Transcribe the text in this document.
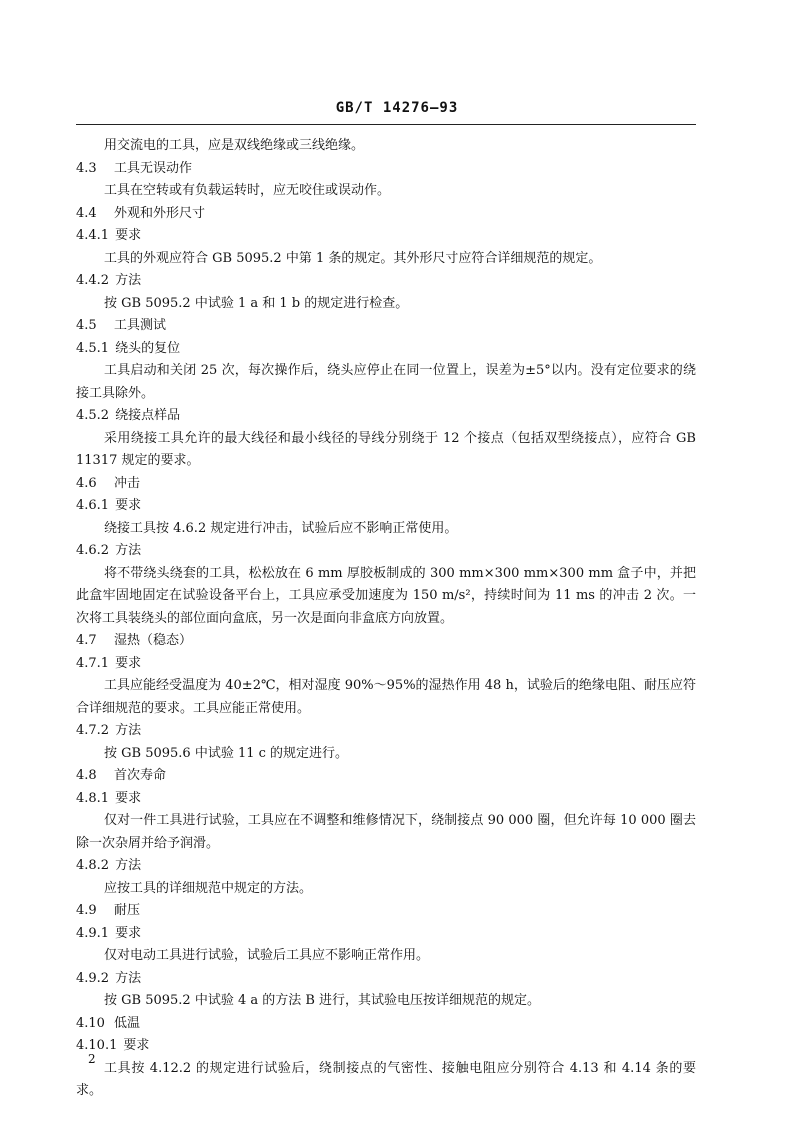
GB/T 14276—93
用交流电的工具，应是双线绝缘或三线绝缘。
4.3 工具无误动作
工具在空转或有负载运转时，应无咬住或误动作。
4.4 外观和外形尺寸
4.4.1 要求
工具的外观应符合 GB 5095.2 中第 1 条的规定。其外形尺寸应符合详细规范的规定。
4.4.2 方法
按 GB 5095.2 中试验 1 a 和 1 b 的规定进行检查。
4.5 工具测试
4.5.1 绕头的复位
工具启动和关闭 25 次，每次操作后，绕头应停止在同一位置上，误差为±5°以内。没有定位要求的绕接工具除外。
4.5.2 绕接点样品
采用绕接工具允许的最大线径和最小线径的导线分别绕于 12 个接点（包括双型绕接点），应符合 GB 11317 规定的要求。
4.6 冲击
4.6.1 要求
绕接工具按 4.6.2 规定进行冲击，试验后应不影响正常使用。
4.6.2 方法
将不带绕头绕套的工具，松松放在 6 mm 厚胶板制成的 300 mm×300 mm×300 mm 盒子中，并把此盒牢固地固定在试验设备平台上，工具应承受加速度为 150 m/s²，持续时间为 11 ms 的冲击 2 次。一次将工具装绕头的部位面向盒底，另一次是面向非盒底方向放置。
4.7 湿热（稳态）
4.7.1 要求
工具应能经受温度为 40±2℃，相对湿度 90%～95%的湿热作用 48 h，试验后的绝缘电阻、耐压应符合详细规范的要求。工具应能正常使用。
4.7.2 方法
按 GB 5095.6 中试验 11 c 的规定进行。
4.8 首次寿命
4.8.1 要求
仅对一件工具进行试验，工具应在不调整和维修情况下，绕制接点 90 000 圈，但允许每 10 000 圈去除一次杂屑并给予润滑。
4.8.2 方法
应按工具的详细规范中规定的方法。
4.9 耐压
4.9.1 要求
仅对电动工具进行试验，试验后工具应不影响正常作用。
4.9.2 方法
按 GB 5095.2 中试验 4 a 的方法 B 进行，其试验电压按详细规范的规定。
4.10 低温
4.10.1 要求
工具按 4.12.2 的规定进行试验后，绕制接点的气密性、接触电阻应分别符合 4.13 和 4.14 条的要求。
2
